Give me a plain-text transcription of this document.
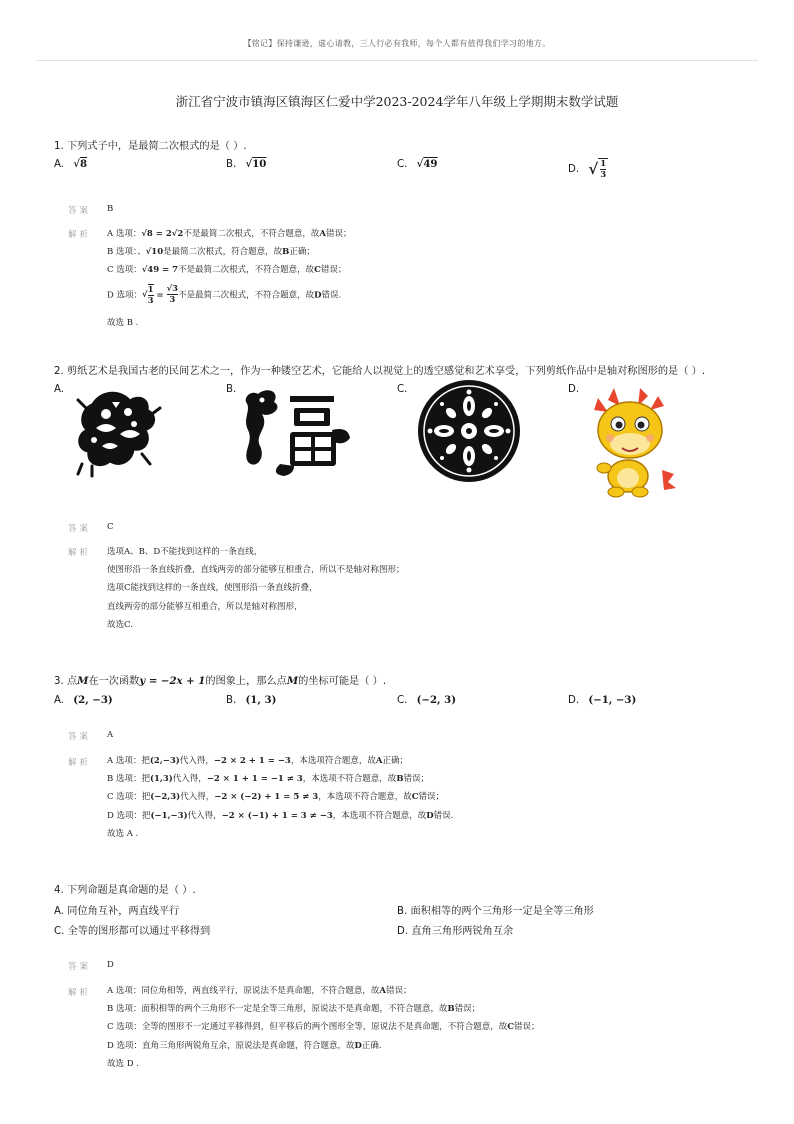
【铭记】保持谦逊，虚心请教，三人行必有我师，每个人都有值得我们学习的地方。
浙江省宁波市镇海区镇海区仁爱中学2023-2024学年八年级上学期期末数学试题
1. 下列式子中，是最简二次根式的是（ ）.
A. √8	B. √10	C. √49	D. √ $\frac{1}{3}$
答案 B
解析 A 选项：√8 = 2√2不是最简二次根式，不符合题意，故A错误；
B 选项：、√10是最简二次根式，符合题意，故B正确；
C 选项：√49 = 7不是最简二次根式，不符合题意，故C错误；
D 选项：√ $\frac{1}{3} = \frac{√3}{3}$ 不是最简二次根式，不符合题意，故D错误.
故选 B .
2. 剪纸艺术是我国古老的民间艺术之一，作为一种镂空艺术，它能给人以视觉上的透空感觉和艺术享受，下列剪纸作品中是轴对称图形的是（ ）.
A.	B.	C.	D.
答案 C
解析 选项A、B、D不能找到这样的一条直线，
使图形沿一条直线折叠，直线两旁的部分能够互相重合，所以不是轴对称图形；
选项C能找到这样的一条直线，使图形沿一条直线折叠，
直线两旁的部分能够互相重合，所以是轴对称图形，
故选C.
3. 点M在一次函数y = −2x + 1的图象上，那么点M的坐标可能是（ ）.
A. (2, −3)	B. (1, 3)	C. (−2, 3)	D. (−1, −3)
答案 A
解析 A 选项：把(2,−3)代入得，−2 × 2 + 1 = −3，本选项符合题意，故A正确；
B 选项：把(1,3)代入得，−2 × 1 + 1 = −1 ≠ 3，本选项不符合题意，故B错误；
C 选项：把(−2,3)代入得，−2 × (−2) + 1 = 5 ≠ 3，本选项不符合题意，故C错误；
D 选项：把(−1,−3)代入得，−2 × (−1) + 1 = 3 ≠ −3，本选项不符合题意，故D错误.
故选 A .
4. 下列命题是真命题的是（ ）.
A. 同位角互补，两直线平行	B. 面积相等的两个三角形一定是全等三角形
C. 全等的图形都可以通过平移得到	D. 直角三角形两锐角互余
答案 D
解析 A 选项：同位角相等，两直线平行，原说法不是真命题，不符合题意，故A错误；
B 选项：面积相等的两个三角形不一定是全等三角形，原说法不是真命题，不符合题意，故B错误；
C 选项：全等的图形不一定通过平移得到，但平移后的两个图形全等，原说法不是真命题，不符合题意，故C错误；
D 选项：直角三角形两锐角互余，原说法是真命题，符合题意，故D正确.
故选 D .
